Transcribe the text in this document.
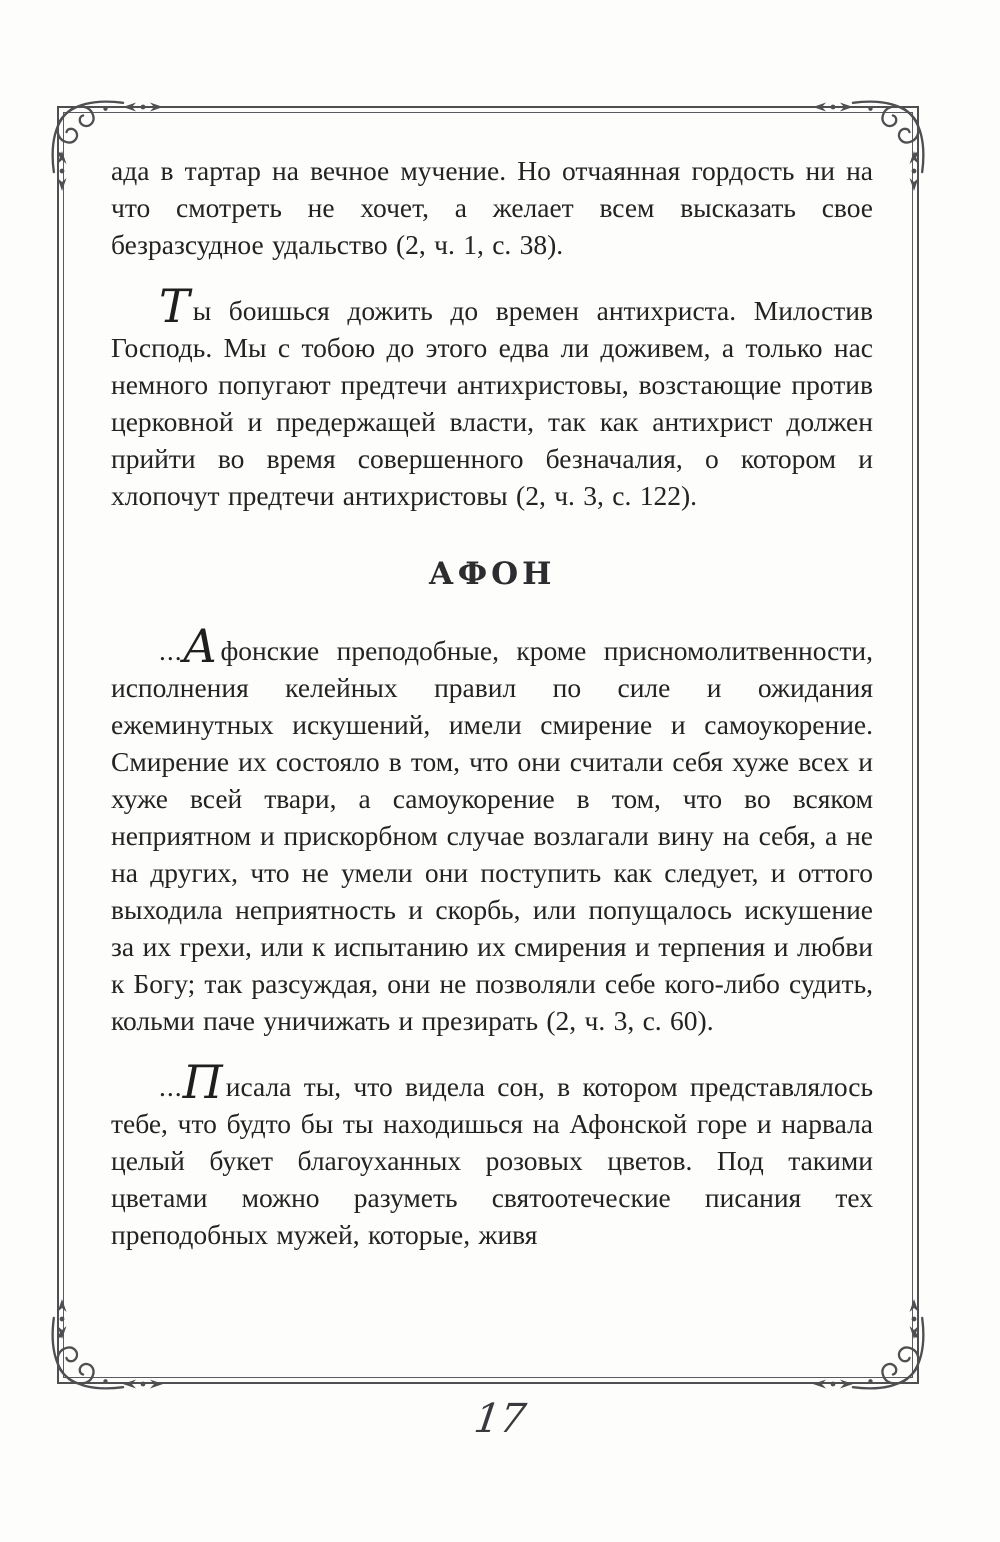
ада в тартар на вечное мучение. Но отчаянная гордость ни на что смотреть не хочет, а желает всем высказать свое безразсудное удальство (2, ч. 1, с. 38).

Ты боишься дожить до времен антихриста. Милостив Господь. Мы с тобою до этого едва ли доживем, а только нас немного попугают предтечи антихристовы, возстающие против церковной и предержащей власти, так как антихрист должен прийти во время совершенного безначалия, о котором и хлопочут предтечи антихристовы (2, ч. 3, с. 122).

АФОН

...А фонские преподобные, кроме присномолитвенности, исполнения келейных правил по силе и ожидания ежеминутных искушений, имели смирение и самоукорение. Смирение их состояло в том, что они считали себя хуже всех и хуже всей твари, а самоукорение в том, что во всяком неприятном и прискорбном случае возлагали вину на себя, а не на других, что не умели они поступить как следует, и оттого выходила неприятность и скорбь, или попущалось искушение за их грехи, или к испытанию их смирения и терпения и любви к Богу; так разсуждая, они не позволяли себе кого-либо судить, кольми паче уничижать и презирать (2, ч. 3, с. 60).

...П исала ты, что видела сон, в котором представлялось тебе, что будто бы ты находишься на Афонской горе и нарвала целый букет благоуханных розовых цветов. Под такими цветами можно разуметь святоотеческие писания тех преподобных мужей, которые, живя

17
